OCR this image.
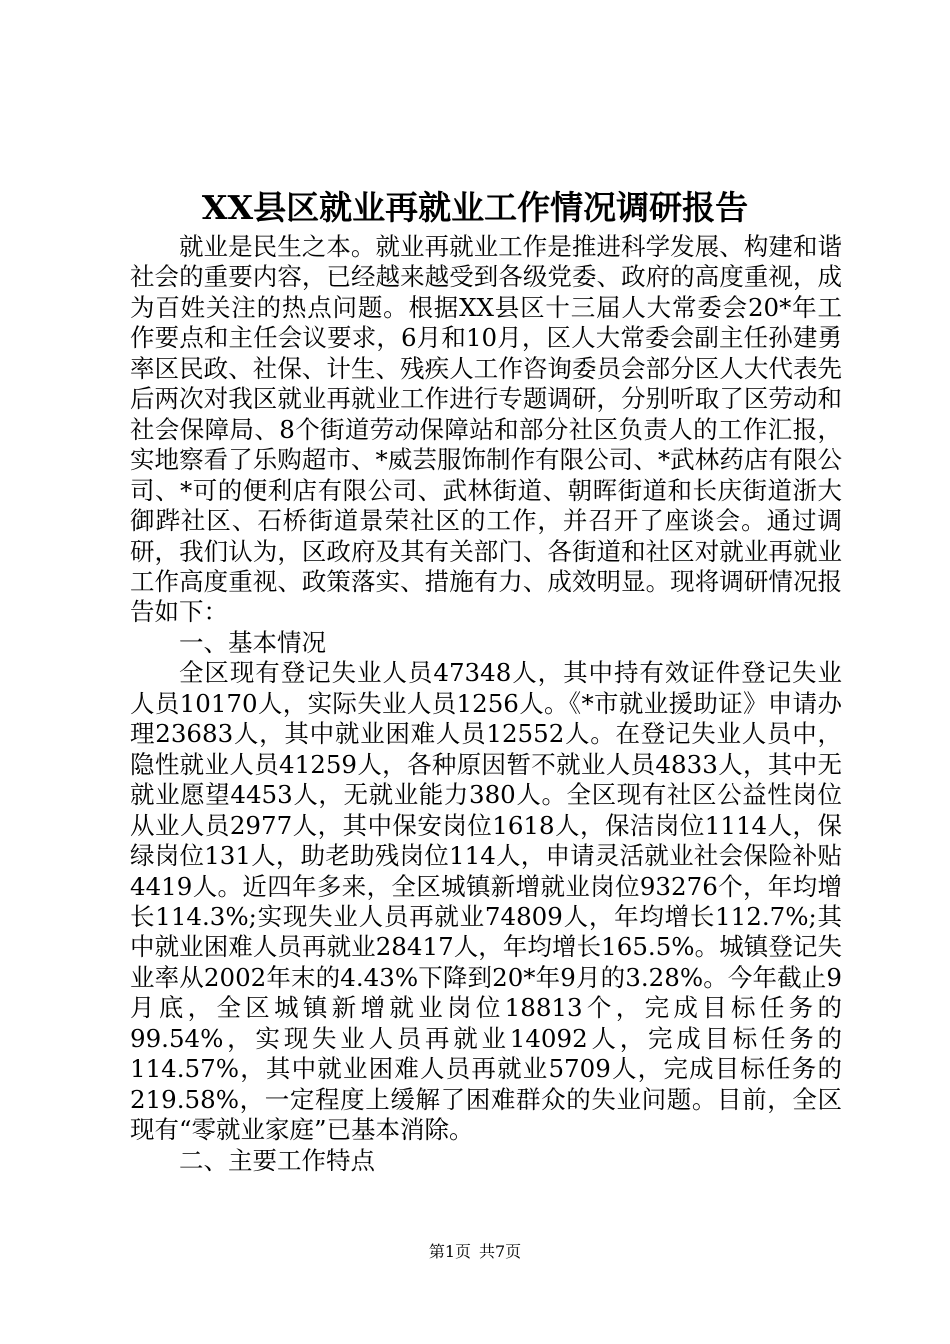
XX县区就业再就业工作情况调研报告

就业是民生之本。就业再就业工作是推进科学发展、构建和谐社会的重要内容，已经越来越受到各级党委、政府的高度重视，成为百姓关注的热点问题。根据XX县区十三届人大常委会20*年工作要点和主任会议要求，6月和10月，区人大常委会副主任孙建勇率区民政、社保、计生、残疾人工作咨询委员会部分区人大代表先后两次对我区就业再就业工作进行专题调研，分别听取了区劳动和社会保障局、8个街道劳动保障站和部分社区负责人的工作汇报，实地察看了乐购超市、*威芸服饰制作有限公司、*武林药店有限公司、*可的便利店有限公司、武林街道、朝晖街道和长庆街道浙大御跸社区、石桥街道景荣社区的工作，并召开了座谈会。通过调研，我们认为，区政府及其有关部门、各街道和社区对就业再就业工作高度重视、政策落实、措施有力、成效明显。现将调研情况报告如下：

一、基本情况

全区现有登记失业人员47348人，其中持有效证件登记失业人员10170人，实际失业人员1256人。《*市就业援助证》申请办理23683人，其中就业困难人员12552人。在登记失业人员中，隐性就业人员41259人，各种原因暂不就业人员4833人，其中无就业愿望4453人，无就业能力380人。全区现有社区公益性岗位从业人员2977人，其中保安岗位1618人，保洁岗位1114人，保绿岗位131人，助老助残岗位114人，申请灵活就业社会保险补贴4419人。近四年多来，全区城镇新增就业岗位93276个，年均增长114.3%;实现失业人员再就业74809人，年均增长112.7%;其中就业困难人员再就业28417人，年均增长165.5%。城镇登记失业率从2002年末的4.43%下降到20*年9月的3.28%。今年截止9月底，全区城镇新增就业岗位18813个，完成目标任务的99.54%，实现失业人员再就业14092人，完成目标任务的114.57%，其中就业困难人员再就业5709人，完成目标任务的219.58%，一定程度上缓解了困难群众的失业问题。目前，全区现有“零就业家庭”已基本消除。

二、主要工作特点

第1页 共7页
